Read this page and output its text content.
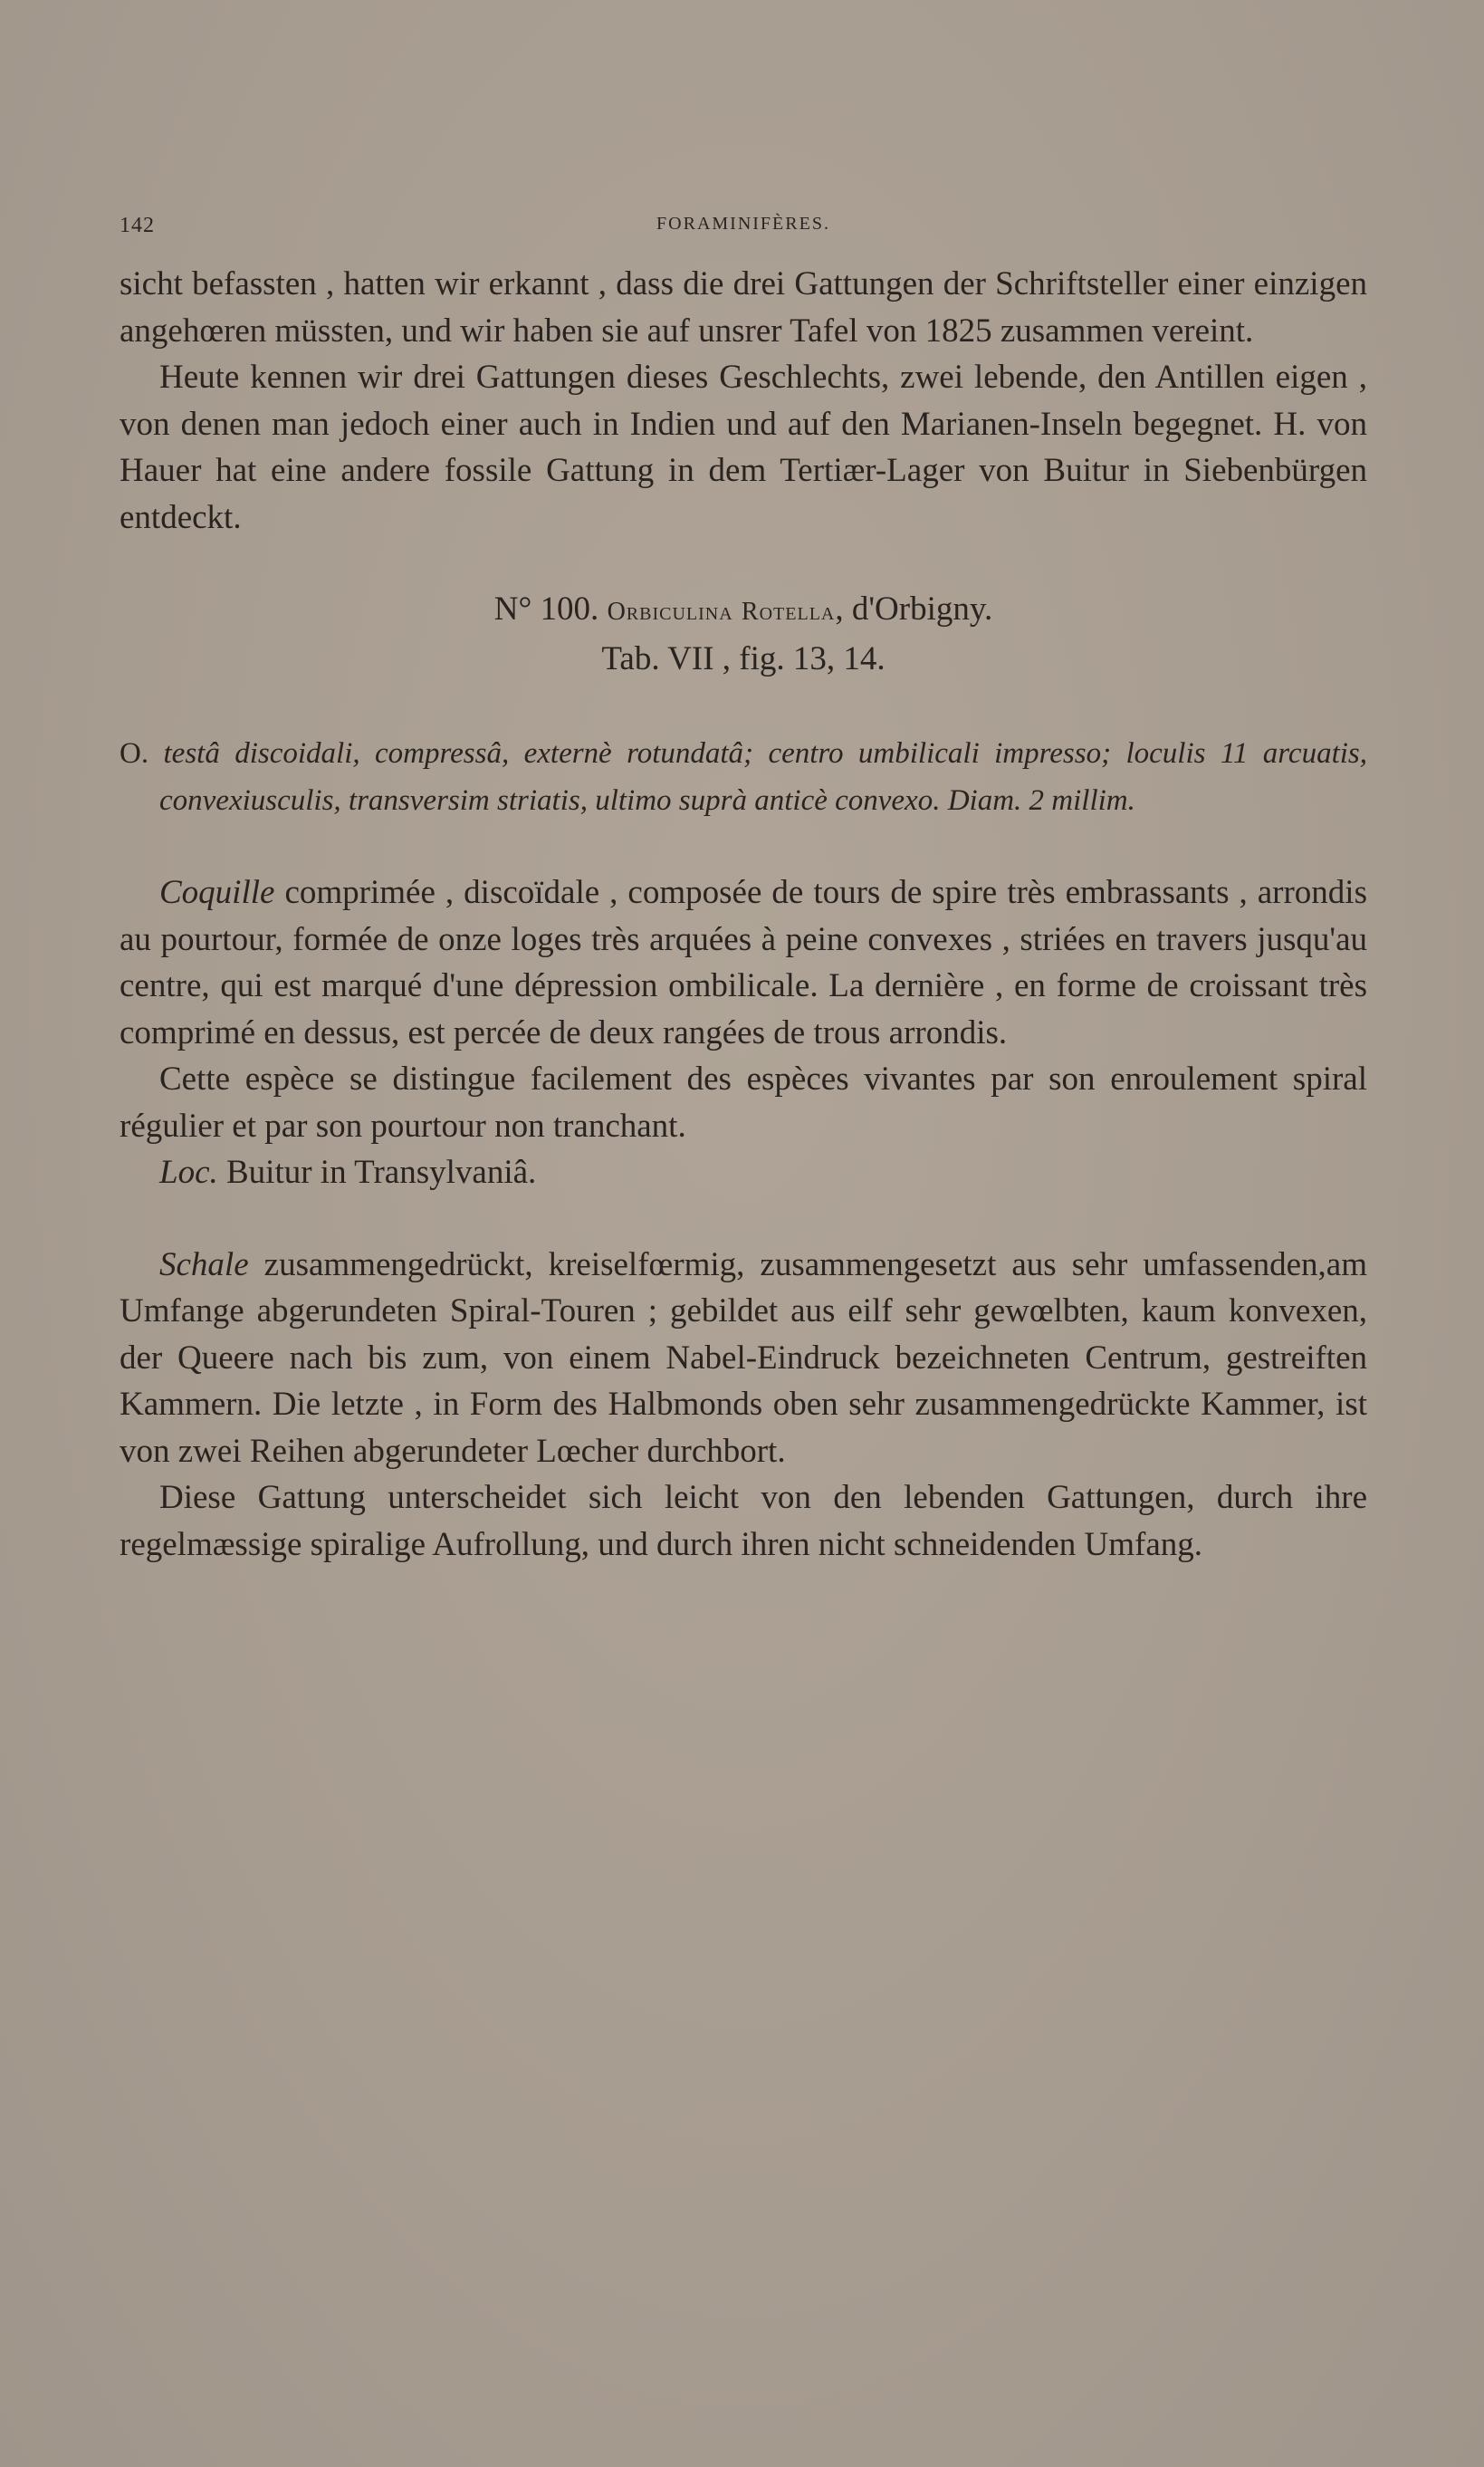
142	FORAMINIFÈRES.

sicht befassten , hatten wir erkannt , dass die drei Gattungen der Schriftsteller einer einzigen angehœren müssten, und wir haben sie auf unsrer Tafel von 1825 zusammen vereint.

Heute kennen wir drei Gattungen dieses Geschlechts, zwei lebende, den Antillen eigen , von denen man jedoch einer auch in Indien und auf den Marianen-Inseln begegnet. H. von Hauer hat eine andere fossile Gattung in dem Tertiær-Lager von Buitur in Siebenbürgen entdeckt.

N° 100. Orbiculina Rotella, d'Orbigny.
Tab. VII , fig. 13, 14.

O. testâ discoidali, compressâ, externè rotundatâ; centro umbilicali impresso; loculis 11 arcuatis, convexiusculis, transversim striatis, ultimo suprà anticè convexo. Diam. 2 millim.

Coquille comprimée , discoïdale , composée de tours de spire très embrassants , arrondis au pourtour, formée de onze loges très arquées à peine convexes , striées en travers jusqu'au centre, qui est marqué d'une dépression ombilicale. La dernière , en forme de croissant très comprimé en dessus, est percée de deux rangées de trous arrondis.

Cette espèce se distingue facilement des espèces vivantes par son enroulement spiral régulier et par son pourtour non tranchant.

Loc. Buitur in Transylvaniâ.

Schale zusammengedrückt, kreiselfœrmig, zusammengesetzt aus sehr umfassenden,am Umfange abgerundeten Spiral-Touren ; gebildet aus eilf sehr gewœlbten, kaum konvexen, der Queere nach bis zum, von einem Nabel-Eindruck bezeichneten Centrum, gestreiften Kammern. Die letzte , in Form des Halbmonds oben sehr zusammengedrückte Kammer, ist von zwei Reihen abgerundeter Lœcher durchbort.

Diese Gattung unterscheidet sich leicht von den lebenden Gattungen, durch ihre regelmæssige spiralige Aufrollung, und durch ihren nicht schneidenden Umfang.
